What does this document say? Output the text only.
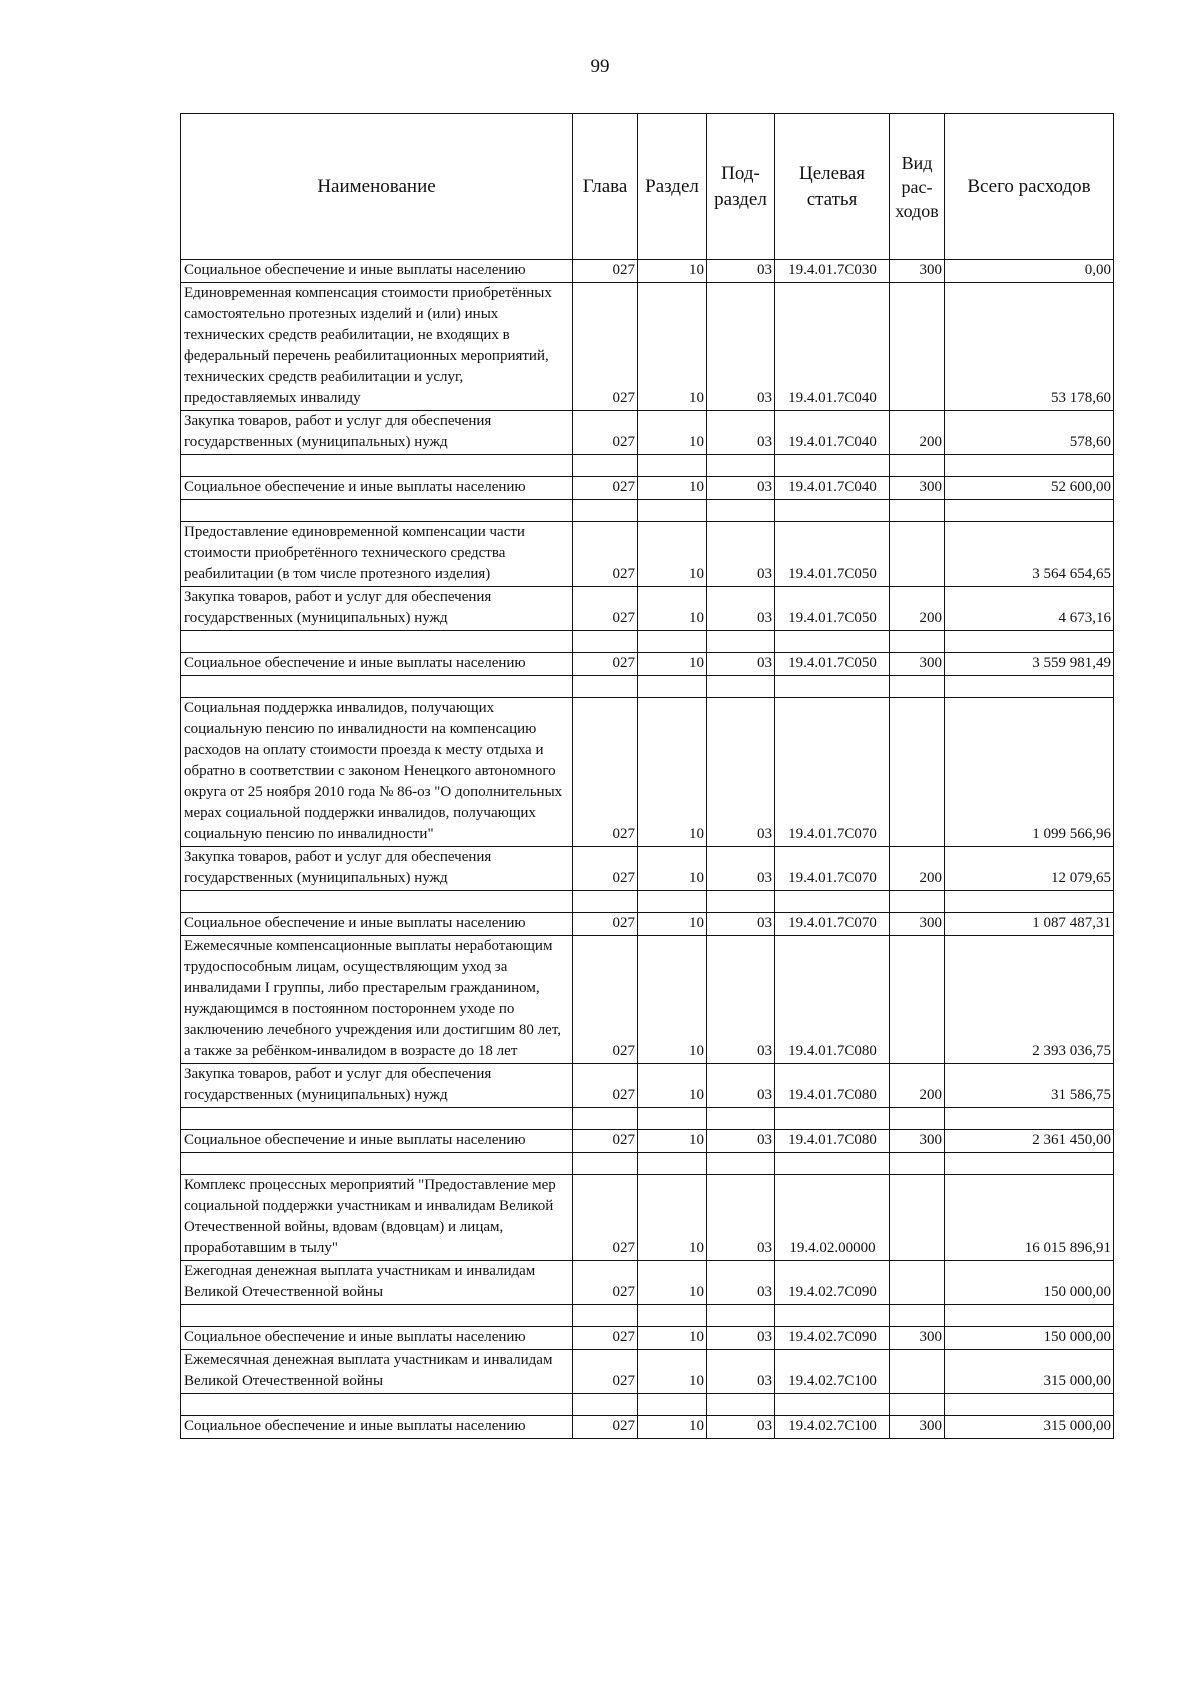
99
Наименование	Глава	Раздел	Под-раздел	Целевая статья	Вид рас-ходов	Всего расходов
Социальное обеспечение и иные выплаты населению	027	10	03	19.4.01.7С030	300	0,00
Единовременная компенсация стоимости приобретённых самостоятельно протезных изделий и (или) иных технических средств реабилитации, не входящих в федеральный перечень реабилитационных мероприятий, технических средств реабилитации и услуг, предоставляемых инвалиду	027	10	03	19.4.01.7С040		53 178,60
Закупка товаров, работ и услуг для обеспечения государственных (муниципальных) нужд	027	10	03	19.4.01.7С040	200	578,60

Социальное обеспечение и иные выплаты населению	027	10	03	19.4.01.7С040	300	52 600,00

Предоставление единовременной компенсации части стоимости приобретённого технического средства реабилитации (в том числе протезного изделия)	027	10	03	19.4.01.7С050		3 564 654,65
Закупка товаров, работ и услуг для обеспечения государственных (муниципальных) нужд	027	10	03	19.4.01.7С050	200	4 673,16

Социальное обеспечение и иные выплаты населению	027	10	03	19.4.01.7С050	300	3 559 981,49

Социальная поддержка инвалидов, получающих социальную пенсию по инвалидности на компенсацию расходов на оплату стоимости проезда к месту отдыха и обратно в соответствии с законом Ненецкого автономного округа от 25 ноября 2010 года № 86-оз "О дополнительных мерах социальной поддержки инвалидов, получающих социальную пенсию по инвалидности"	027	10	03	19.4.01.7С070		1 099 566,96
Закупка товаров, работ и услуг для обеспечения государственных (муниципальных) нужд	027	10	03	19.4.01.7С070	200	12 079,65

Социальное обеспечение и иные выплаты населению	027	10	03	19.4.01.7С070	300	1 087 487,31
Ежемесячные компенсационные выплаты неработающим трудоспособным лицам, осуществляющим уход за инвалидами I группы, либо престарелым гражданином, нуждающимся в постоянном постороннем уходе по заключению лечебного учреждения или достигшим 80 лет, а также за ребёнком-инвалидом в возрасте до 18 лет	027	10	03	19.4.01.7С080		2 393 036,75
Закупка товаров, работ и услуг для обеспечения государственных (муниципальных) нужд	027	10	03	19.4.01.7С080	200	31 586,75

Социальное обеспечение и иные выплаты населению	027	10	03	19.4.01.7С080	300	2 361 450,00

Комплекс процессных мероприятий "Предоставление мер социальной поддержки участникам и инвалидам Великой Отечественной войны, вдовам (вдовцам) и лицам, проработавшим в тылу"	027	10	03	19.4.02.00000		16 015 896,91
Ежегодная денежная выплата участникам и инвалидам Великой Отечественной войны	027	10	03	19.4.02.7С090		150 000,00

Социальное обеспечение и иные выплаты населению	027	10	03	19.4.02.7С090	300	150 000,00
Ежемесячная денежная выплата участникам и инвалидам Великой Отечественной войны	027	10	03	19.4.02.7С100		315 000,00

Социальное обеспечение и иные выплаты населению	027	10	03	19.4.02.7С100	300	315 000,00
